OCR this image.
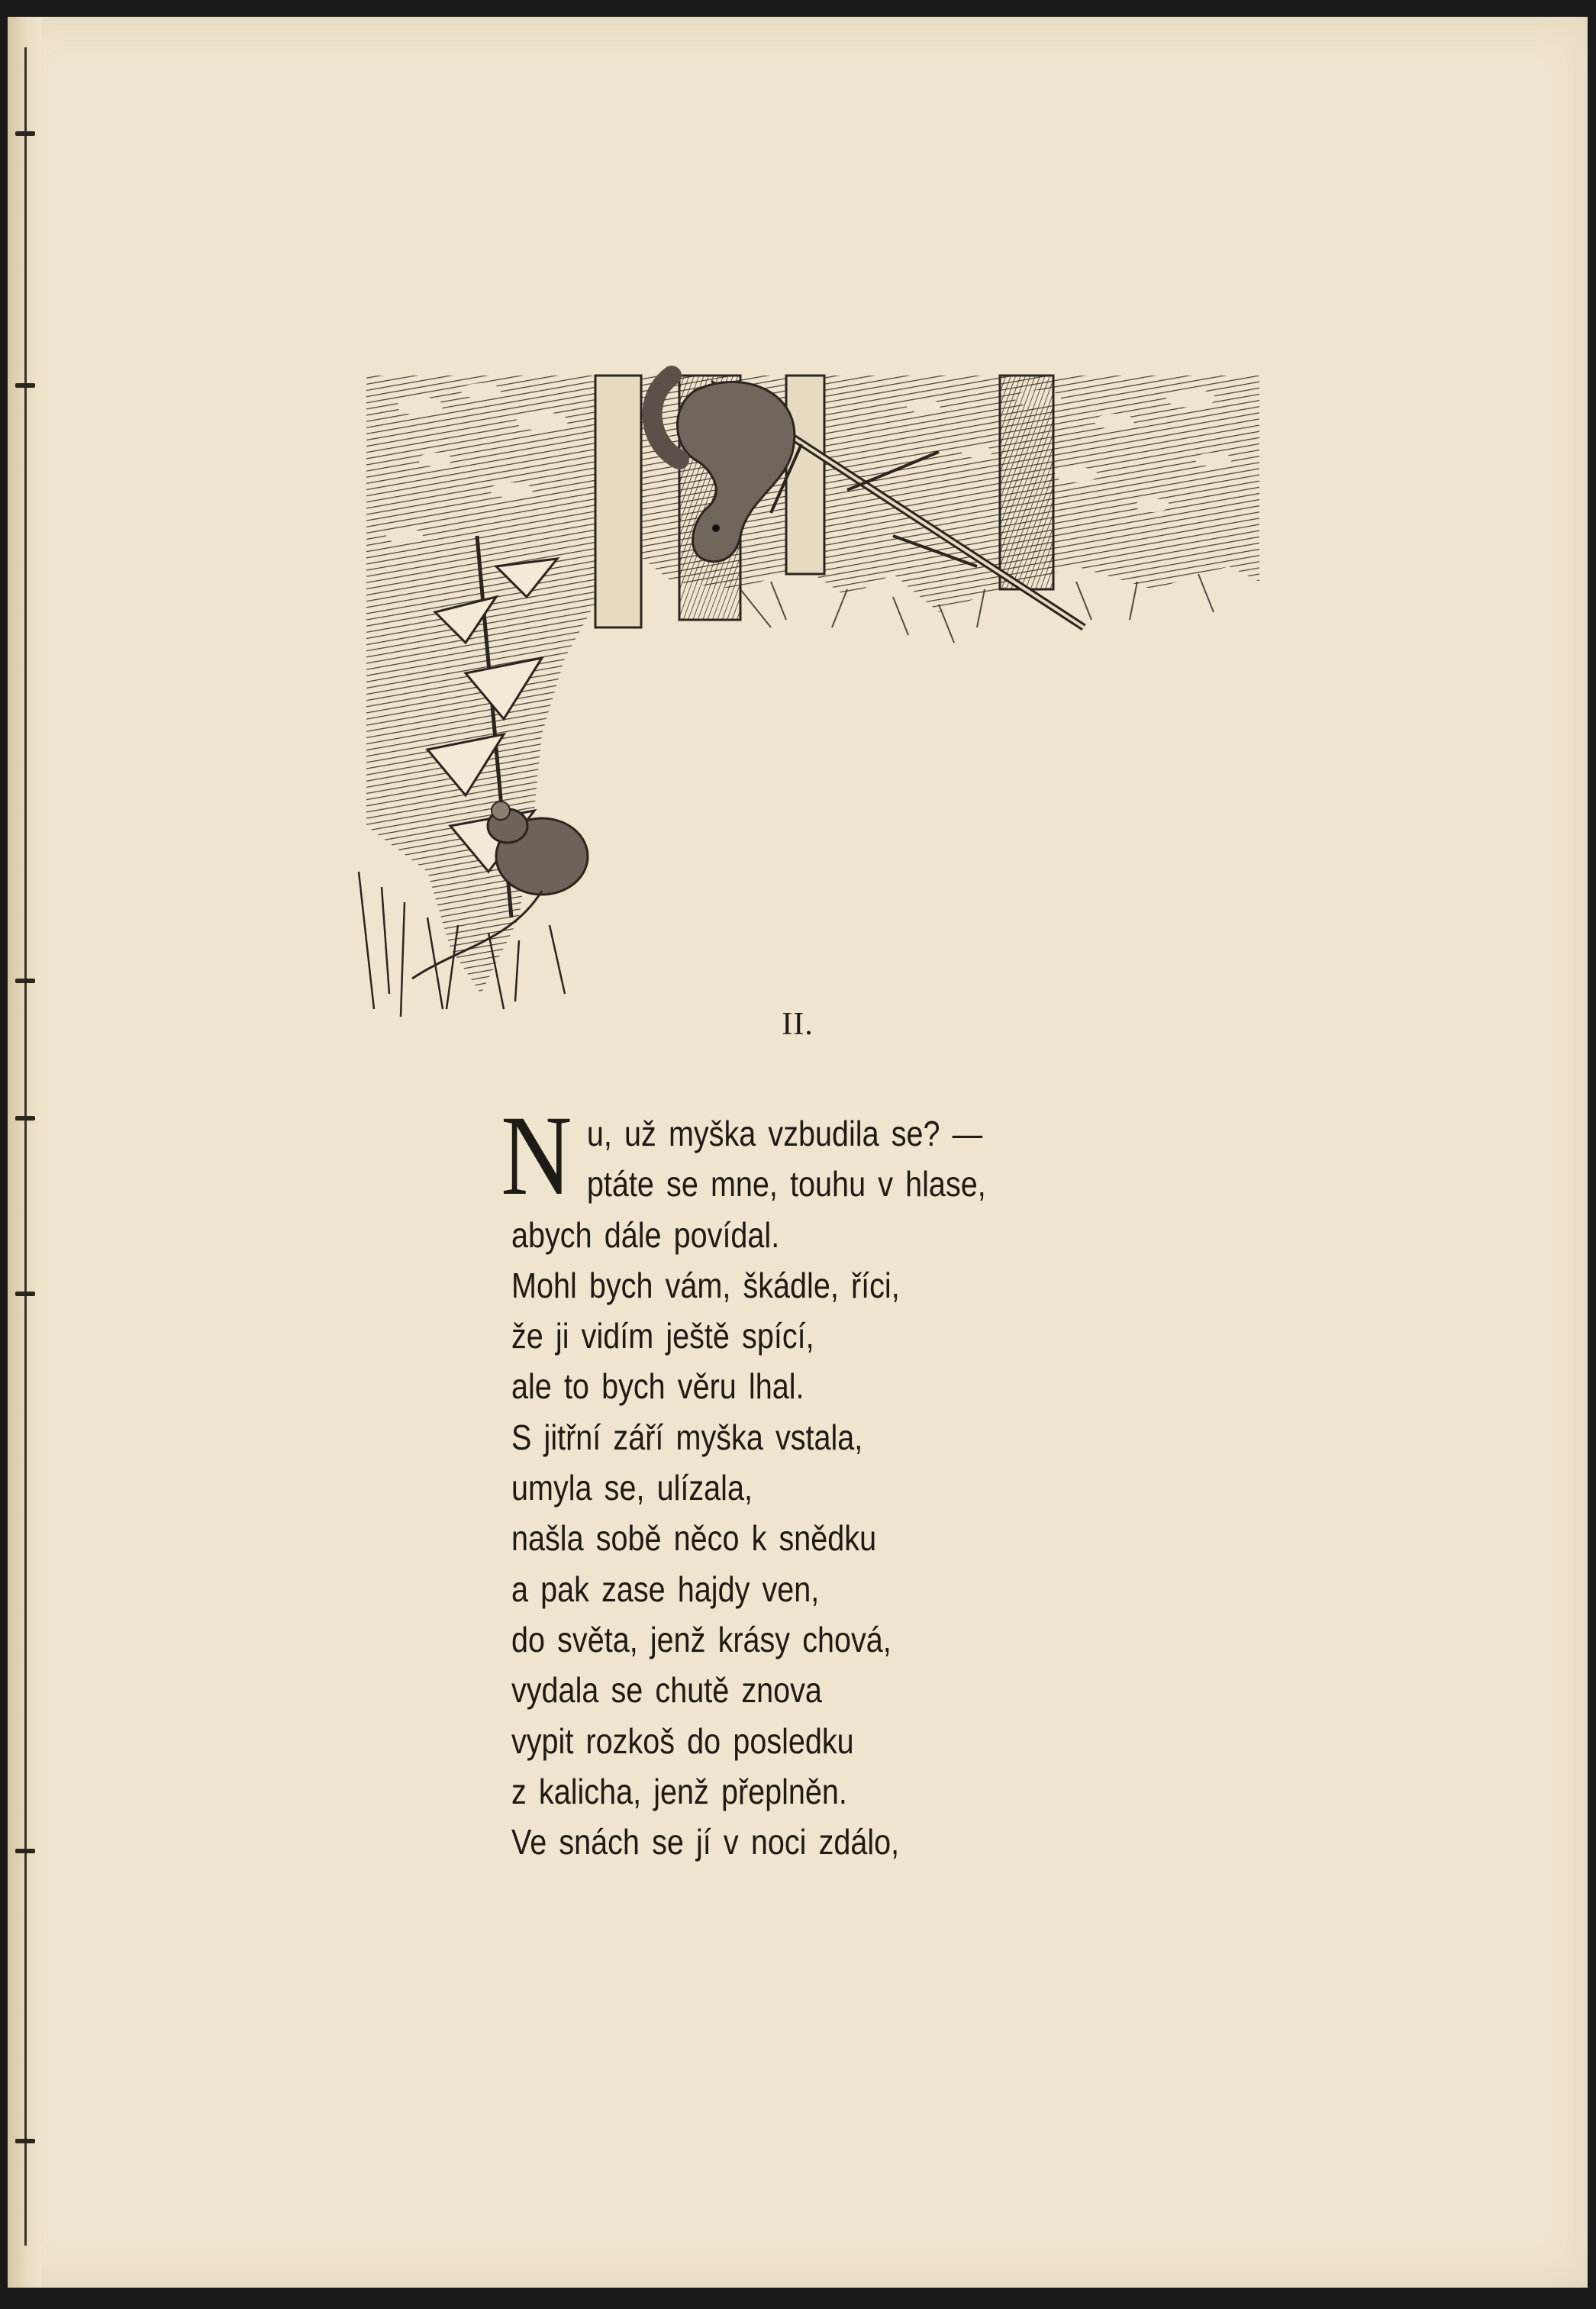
II.
N u, už myška vzbudila se? —
ptáte se mne, touhu v hlase,
abych dále povídal.
Mohl bych vám, škádle, říci,
že ji vidím ještě spící,
ale to bych věru lhal.
S jitřní září myška vstala,
umyla se, ulízala,
našla sobě něco k snědku
a pak zase hajdy ven,
do světa, jenž krásy chová,
vydala se chutě znova
vypit rozkoš do posledku
z kalicha, jenž přeplněn.
Ve snách se jí v noci zdálo,
